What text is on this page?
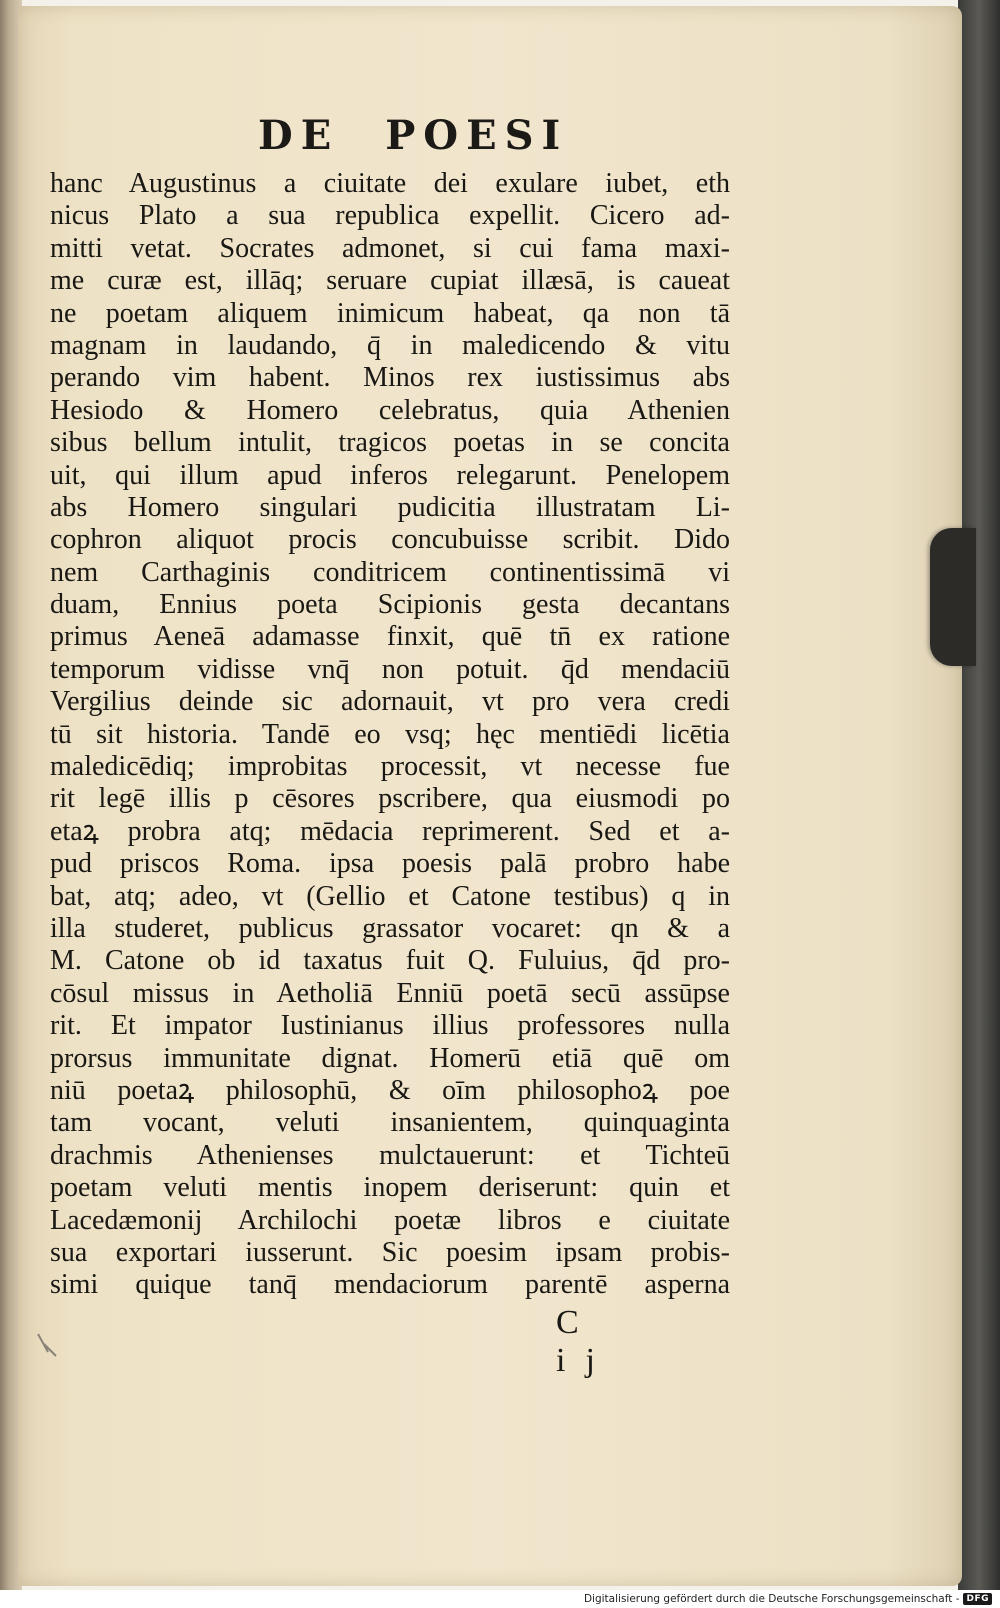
DE POESI
hanc Augustinus a ciuitate dei exulare iubet, eth
nicus Plato a sua republica expellit. Cicero ad-
mitti vetat. Socrates admonet, si cui fama maxi-
me curæ est, illāq; seruare cupiat illæsā, is caueat
ne poetam aliquem inimicum habeat, qa non tā
magnam in laudando, q̄ in maledicendo & vitu
perando vim habent. Minos rex iustissimus abs
Hesiodo & Homero celebratus, quia Athenien
sibus bellum intulit, tragicos poetas in se concita
uit, qui illum apud inferos relegarunt. Penelopem
abs Homero singulari pudicitia illustratam Li-
cophron aliquot procis concubuisse scribit. Dido
nem Carthaginis conditricem continentissimā vi
duam, Ennius poeta Scipionis gesta decantans
primus Aeneā adamasse finxit, quē tn̄ ex ratione
temporum vidisse vnq̄ non potuit. q̄d mendaciū
Vergilius deinde sic adornauit, vt pro vera credi
tū sit historia. Tandē eo vsq; hęc mentiēdi licētia
maledicēdiq; improbitas processit, vt necesse fue
rit legē illis p cēsores pscribere, qua eiusmodi po
etaꝝ probra atq; mēdacia reprimerent. Sed et a-
pud priscos Roma. ipsa poesis palā probro habe
bat, atq; adeo, vt (Gellio et Catone testibus) q in
illa studeret, publicus grassator vocaret: qn & a
M. Catone ob id taxatus fuit Q. Fuluius, q̄d pro-
cōsul missus in Aetholiā Enniū poetā secū assūpse
rit. Et impator Iustinianus illius professores nulla
prorsus immunitate dignat. Homerū etiā quē om
niū poetaꝝ philosophū, & oīm philosophoꝝ poe
tam vocant, veluti insanientem, quinquaginta
drachmis Athenienses mulctauerunt: et Tichteū
poetam veluti mentis inopem deriserunt: quin et
Lacedæmonij Archilochi poetæ libros e ciuitate
sua exportari iusserunt. Sic poesim ipsam probis-
simi quique tanq̄ mendaciorum parentē asperna
C ij
Digitalisierung gefördert durch die Deutsche Forschungsgemeinschaft - DFG
